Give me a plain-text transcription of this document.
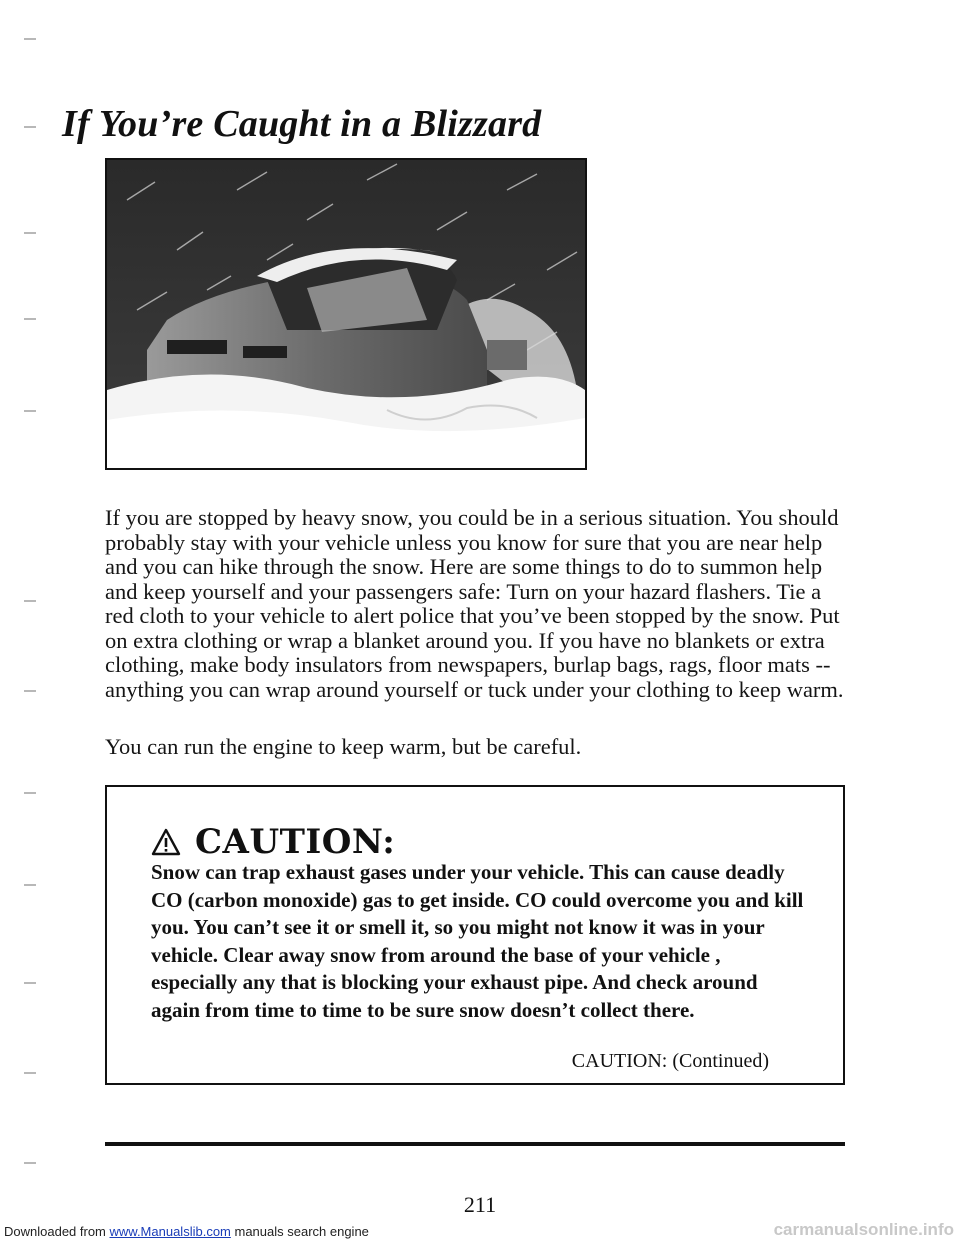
If You’re Caught in a Blizzard

If you are stopped by heavy snow, you could be in a serious situation. You should probably stay with your vehicle unless you know for sure that you are near help and you can hike through the snow. Here are some things to do to summon help and keep yourself and your passengers safe: Turn on your hazard flashers. Tie a red cloth to your vehicle to alert police that you’ve been stopped by the snow. Put on extra clothing or wrap a blanket around you. If you have no blankets or extra clothing, make body insulators from newspapers, burlap bags, rags, floor mats -- anything you can wrap around yourself or tuck under your clothing to keep warm.

You can run the engine to keep warm, but be careful.

CAUTION:

Snow can trap exhaust gases under your vehicle. This can cause deadly CO (carbon monoxide) gas to get inside. CO could overcome you and kill you. You can’t see it or smell it, so you might not know it was in your vehicle. Clear away snow from around the base of your vehicle , especially any that is blocking your exhaust pipe. And check around again from time to time to be sure snow doesn’t collect there.

CAUTION: (Continued)
211
Downloaded from www.Manualslib.com manuals search engine	carmanualsonline.info
